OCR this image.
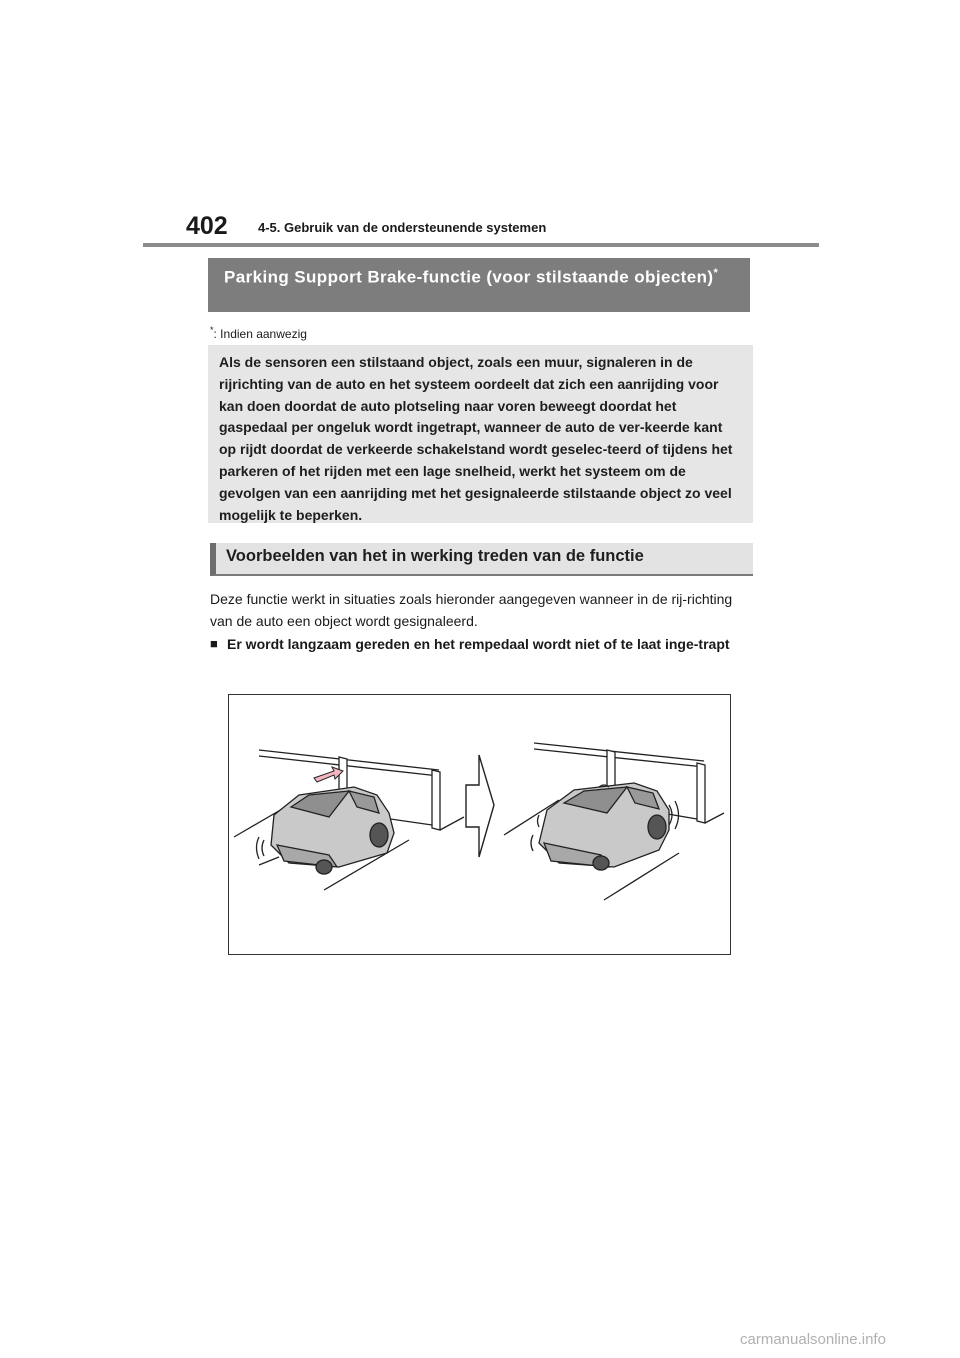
402 4-5. Gebruik van de ondersteunende systemen
Parking Support Brake-functie (voor stilstaande objecten)*
*: Indien aanwezig
Als de sensoren een stilstaand object, zoals een muur, signaleren in de rijrichting van de auto en het systeem oordeelt dat zich een aanrijding voor kan doen doordat de auto plotseling naar voren beweegt doordat het gaspedaal per ongeluk wordt ingetrapt, wanneer de auto de ver-keerde kant op rijdt doordat de verkeerde schakelstand wordt geselec-teerd of tijdens het parkeren of het rijden met een lage snelheid, werkt het systeem om de gevolgen van een aanrijding met het gesignaleerde stilstaande object zo veel mogelijk te beperken.
Voorbeelden van het in werking treden van de functie
Deze functie werkt in situaties zoals hieronder aangegeven wanneer in de rij-richting van de auto een object wordt gesignaleerd.
■ Er wordt langzaam gereden en het rempedaal wordt niet of te laat inge-trapt
carmanualsonline.info
